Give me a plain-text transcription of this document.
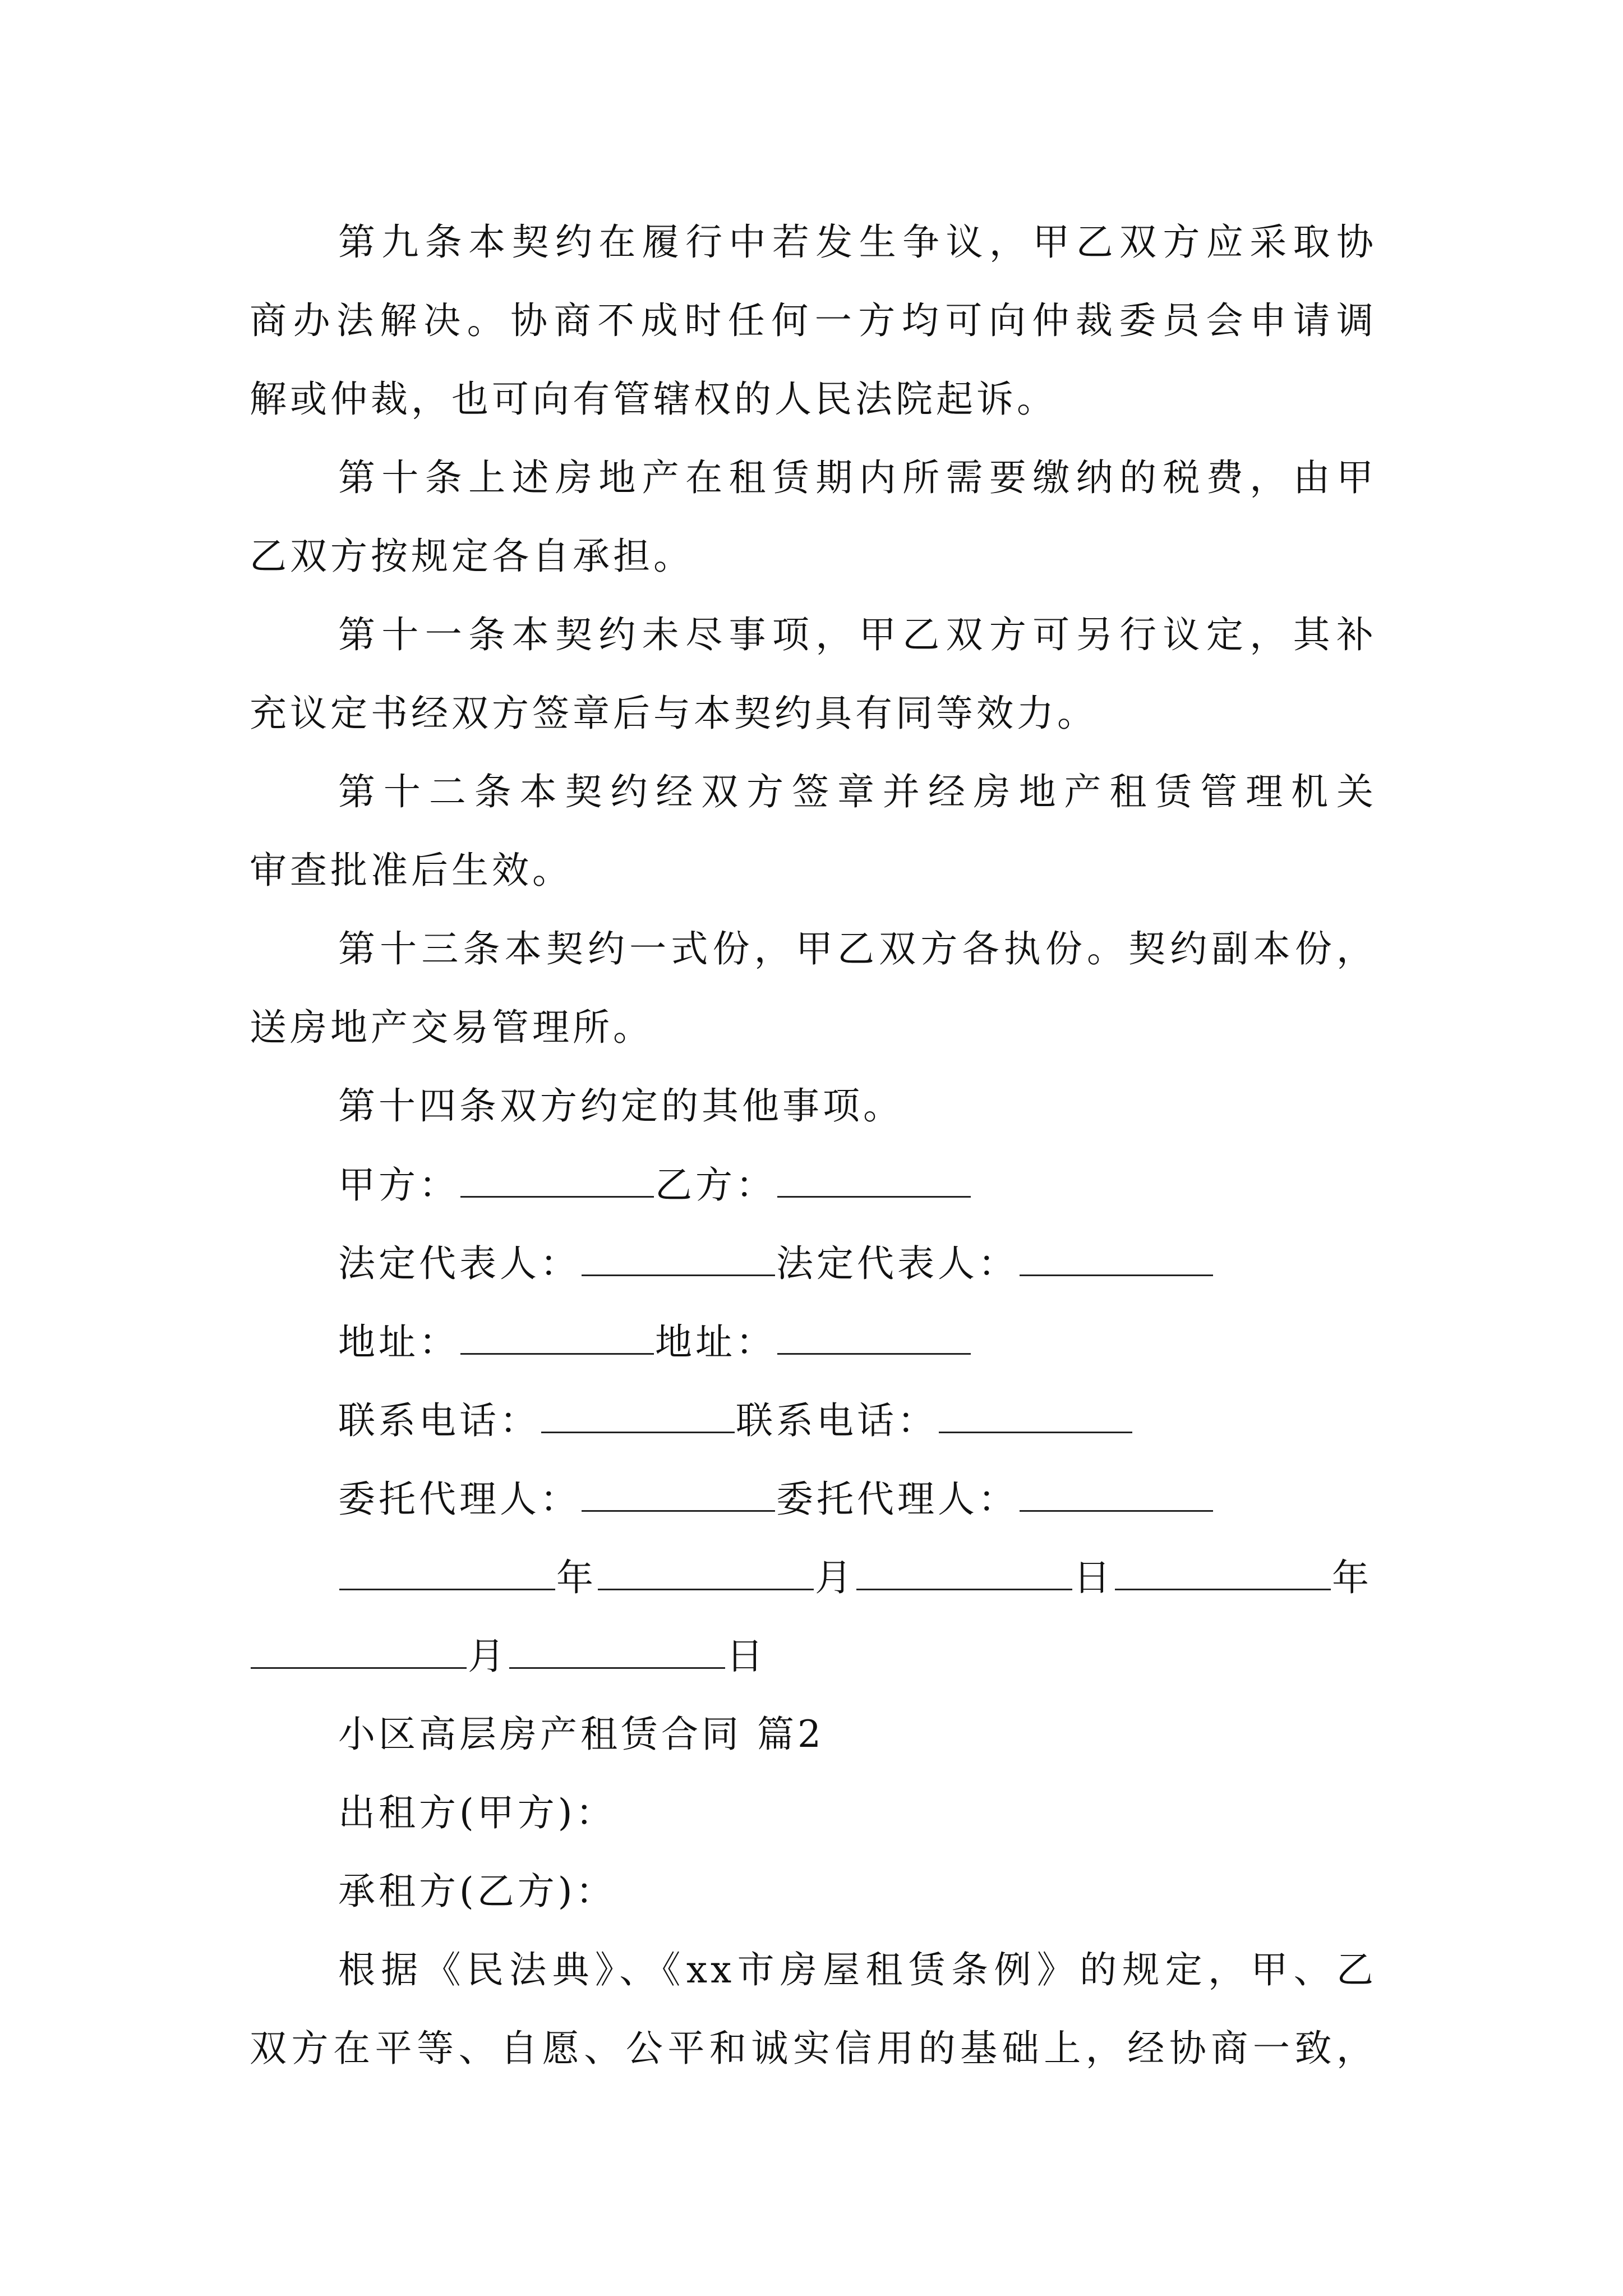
第九条本契约在履行中若发生争议，甲乙双方应采取协
商办法解决。协商不成时任何一方均可向仲裁委员会申请调
解或仲裁，也可向有管辖权的人民法院起诉。
第十条上述房地产在租赁期内所需要缴纳的税费，由甲
乙双方按规定各自承担。
第十一条本契约未尽事项，甲乙双方可另行议定，其补
充议定书经双方签章后与本契约具有同等效力。
第十二条本契约经双方签章并经房地产租赁管理机关
审查批准后生效。
第十三条本契约一式份，甲乙双方各执份。契约副本份，
送房地产交易管理所。
第十四条双方约定的其他事项。
甲方：	乙方：
法定代表人：	法定代表人：
地址：	地址：
联系电话：	联系电话：
委托代理人：	委托代理人：
年	月	日	年
月	日
小区高层房产租赁合同 篇2
出租方(甲方)：
承租方(乙方)：
根据《民法典》、《xx市房屋租赁条例》的规定，甲、乙
双方在平等、自愿、公平和诚实信用的基础上，经协商一致，
